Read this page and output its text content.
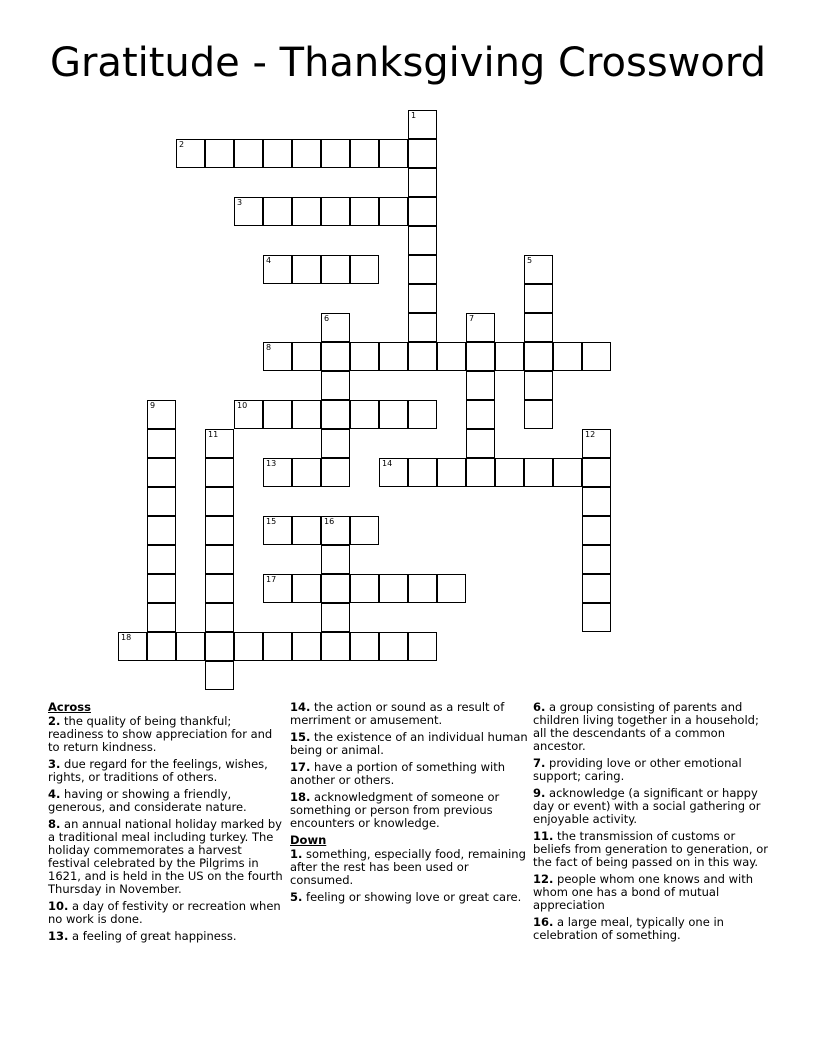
Gratitude - Thanksgiving Crossword
1
2
3
4	5
6	7
8
9	10
11	12
13	14
15	16
17
18
Across
2. the quality of being thankful; readiness to show appreciation for and to return kindness.
3. due regard for the feelings, wishes, rights, or traditions of others.
4. having or showing a friendly, generous, and considerate nature.
8. an annual national holiday marked by a traditional meal including turkey. The holiday commemorates a harvest festival celebrated by the Pilgrims in 1621, and is held in the US on the fourth Thursday in November.
10. a day of festivity or recreation when no work is done.
13. a feeling of great happiness.
14. the action or sound as a result of merriment or amusement.
15. the existence of an individual human being or animal.
17. have a portion of something with another or others.
18. acknowledgment of someone or something or person from previous encounters or knowledge.
Down
1. something, especially food, remaining after the rest has been used or consumed.
5. feeling or showing love or great care.
6. a group consisting of parents and children living together in a household; all the descendants of a common ancestor.
7. providing love or other emotional support; caring.
9. acknowledge (a significant or happy day or event) with a social gathering or enjoyable activity.
11. the transmission of customs or beliefs from generation to generation, or the fact of being passed on in this way.
12. people whom one knows and with whom one has a bond of mutual appreciation
16. a large meal, typically one in celebration of something.
